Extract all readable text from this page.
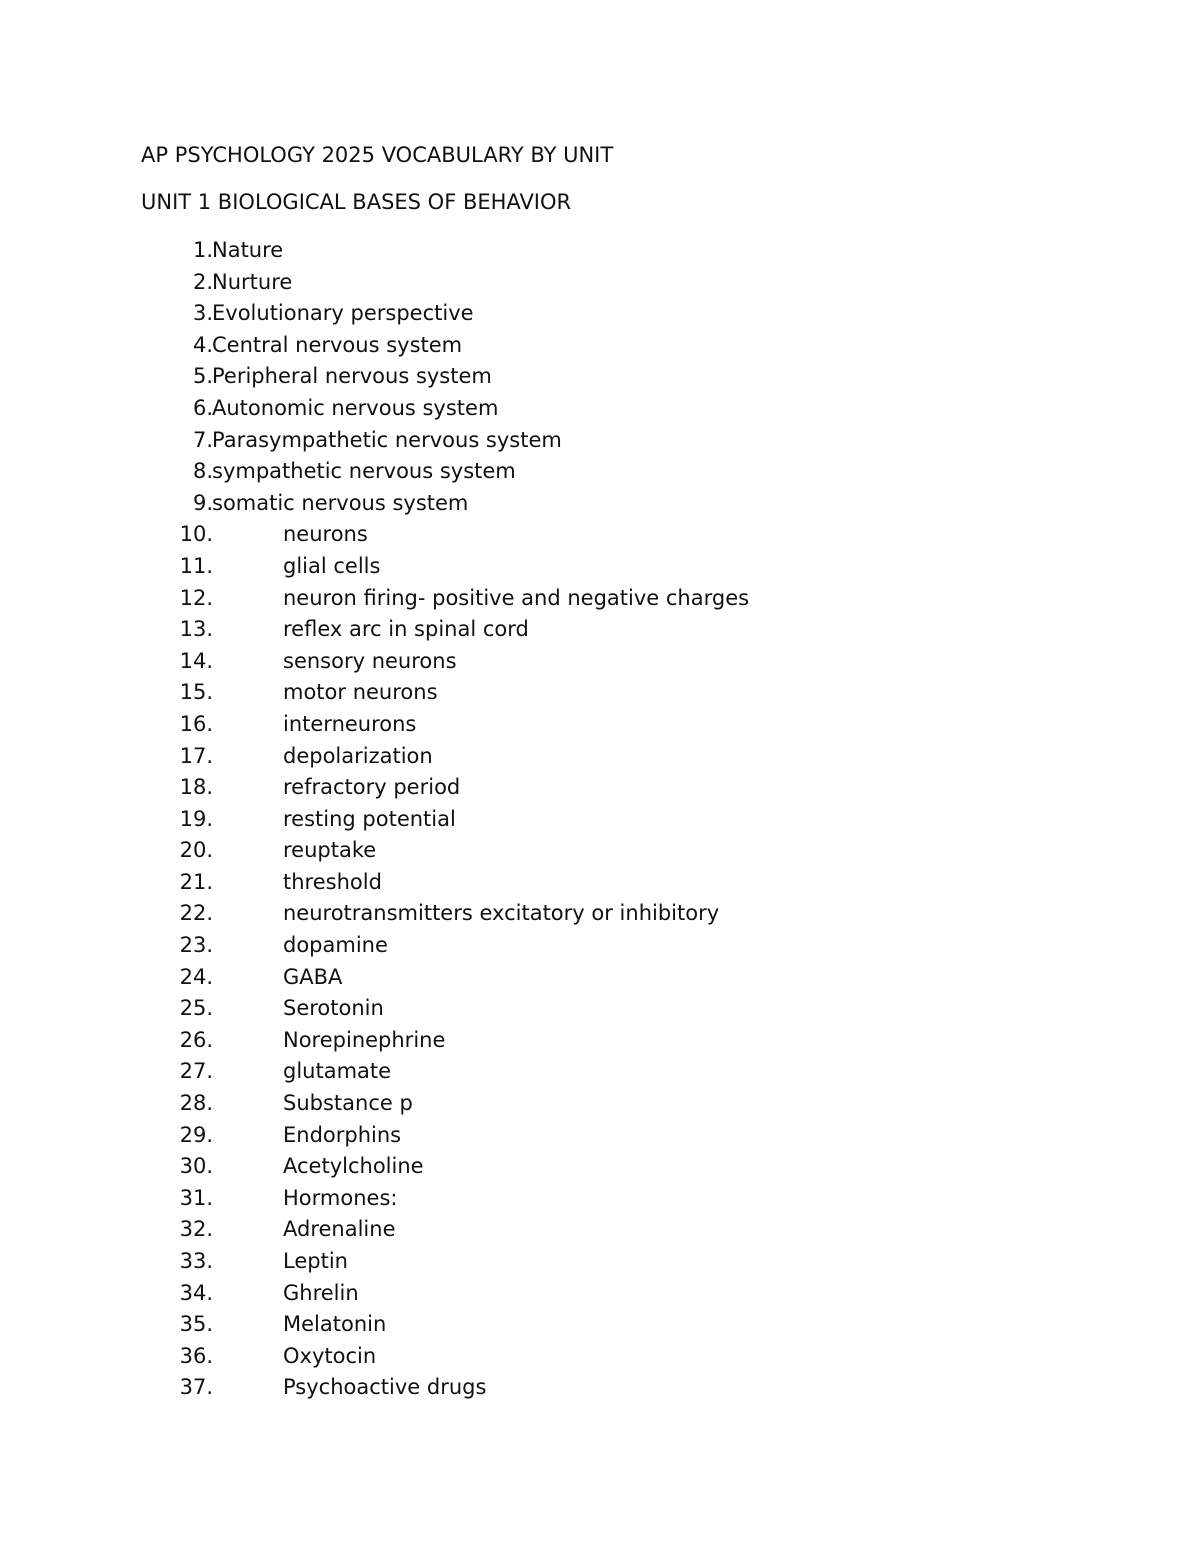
AP PSYCHOLOGY 2025 VOCABULARY BY UNIT
UNIT 1 BIOLOGICAL BASES OF BEHAVIOR
1. Nature
2. Nurture
3. Evolutionary perspective
4. Central nervous system
5. Peripheral nervous system
6. Autonomic nervous system
7. Parasympathetic nervous system
8. sympathetic nervous system
9. somatic nervous system
10.	neurons
11.	glial cells
12.	neuron firing- positive and negative charges
13.	reflex arc in spinal cord
14.	sensory neurons
15.	motor neurons
16.	interneurons
17.	depolarization
18.	refractory period
19.	resting potential
20.	reuptake
21.	threshold
22.	neurotransmitters excitatory or inhibitory
23.	dopamine
24.	GABA
25.	Serotonin
26.	Norepinephrine
27.	glutamate
28.	Substance p
29.	Endorphins
30.	Acetylcholine
31.	Hormones:
32.	Adrenaline
33.	Leptin
34.	Ghrelin
35.	Melatonin
36.	Oxytocin
37.	Psychoactive drugs
